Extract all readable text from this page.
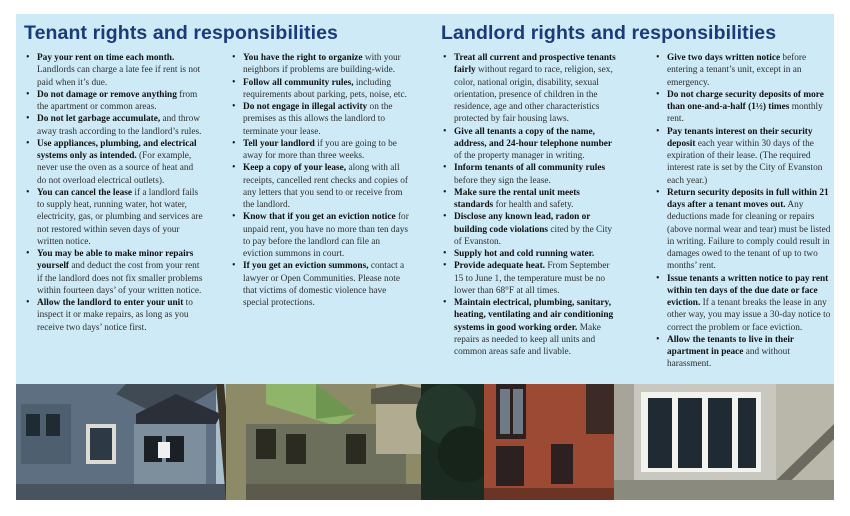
Tenant rights and responsibilities	Landlord rights and responsibilities
• Pay your rent on time each month. Landlords can charge a late fee if rent is not paid when it’s due.
• Do not damage or remove anything from the apartment or common areas.
• Do not let garbage accumulate, and throw away trash according to the landlord’s rules.
• Use appliances, plumbing, and electrical systems only as intended. (For example, never use the oven as a source of heat and do not overload electrical outlets).
• You can cancel the lease if a landlord fails to supply heat, running water, hot water, electricity, gas, or plumbing and services are not restored within seven days of your written notice.
• You may be able to make minor repairs yourself and deduct the cost from your rent if the landlord does not fix smaller problems within fourteen days’ of your written notice.
• Allow the landlord to enter your unit to inspect it or make repairs, as long as you receive two days’ notice first.
• You have the right to organize with your neighbors if problems are building-wide.
• Follow all community rules, including requirements about parking, pets, noise, etc.
• Do not engage in illegal activity on the premises as this allows the landlord to terminate your lease.
• Tell your landlord if you are going to be away for more than three weeks.
• Keep a copy of your lease, along with all receipts, cancelled rent checks and copies of any letters that you send to or receive from the landlord.
• Know that if you get an eviction notice for unpaid rent, you have no more than ten days to pay before the landlord can file an eviction summons in court.
• If you get an eviction summons, contact a lawyer or Open Communities. Please note that victims of domestic violence have special protections.
• Treat all current and prospective tenants fairly without regard to race, religion, sex, color, national origin, disability, sexual orientation, presence of children in the residence, age and other characteristics protected by fair housing laws.
• Give all tenants a copy of the name, address, and 24-hour telephone number of the property manager in writing.
• Inform tenants of all community rules before they sign the lease.
• Make sure the rental unit meets standards for health and safety.
• Disclose any known lead, radon or building code violations cited by the City of Evanston.
• Supply hot and cold running water.
• Provide adequate heat. From September 15 to June 1, the temperature must be no lower than 68°F at all times.
• Maintain electrical, plumbing, sanitary, heating, ventilating and air conditioning systems in good working order. Make repairs as needed to keep all units and common areas safe and livable.
• Give two days written notice before entering a tenant’s unit, except in an emergency.
• Do not charge security deposits of more than one-and-a-half (1½) times monthly rent.
• Pay tenants interest on their security deposit each year within 30 days of the expiration of their lease. (The required interest rate is set by the City of Evanston each year.)
• Return security deposits in full within 21 days after a tenant moves out. Any deductions made for cleaning or repairs (above normal wear and tear) must be listed in writing. Failure to comply could result in damages owed to the tenant of up to two months’ rent.
• Issue tenants a written notice to pay rent within ten days of the due date or face eviction. If a tenant breaks the lease in any other way, you may issue a 30-day notice to correct the problem or face eviction.
• Allow the tenants to live in their apartment in peace and without harassment.
